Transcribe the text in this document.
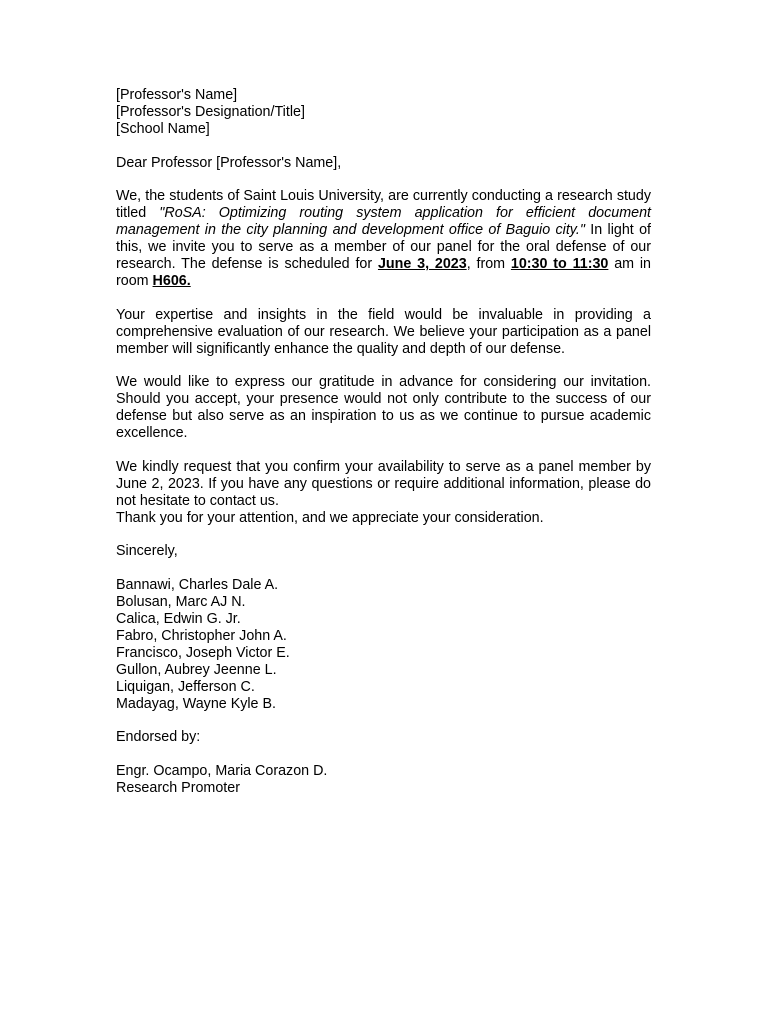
[Professor's Name]

[Professor's Designation/Title]

[School Name]

Dear Professor [Professor's Name],

We, the students of Saint Louis University, are currently conducting a research study titled "RoSA: Optimizing routing system application for efficient document management in the city planning and development office of Baguio city." In light of this, we invite you to serve as a member of our panel for the oral defense of our research. The defense is scheduled for June 3, 2023, from 10:30 to 11:30 am in room H606.

Your expertise and insights in the field would be invaluable in providing a comprehensive evaluation of our research. We believe your participation as a panel member will significantly enhance the quality and depth of our defense.

We would like to express our gratitude in advance for considering our invitation. Should you accept, your presence would not only contribute to the success of our defense but also serve as an inspiration to us as we continue to pursue academic excellence.

We kindly request that you confirm your availability to serve as a panel member by June 2, 2023. If you have any questions or require additional information, please do not hesitate to contact us.

Thank you for your attention, and we appreciate your consideration.

Sincerely,

Bannawi, Charles Dale A.

Bolusan, Marc AJ N.

Calica, Edwin G. Jr.

Fabro, Christopher John A.

Francisco, Joseph Victor E.

Gullon, Aubrey Jeenne L.

Liquigan, Jefferson C.

Madayag, Wayne Kyle B.

Endorsed by:

Engr. Ocampo, Maria Corazon D.

Research Promoter
